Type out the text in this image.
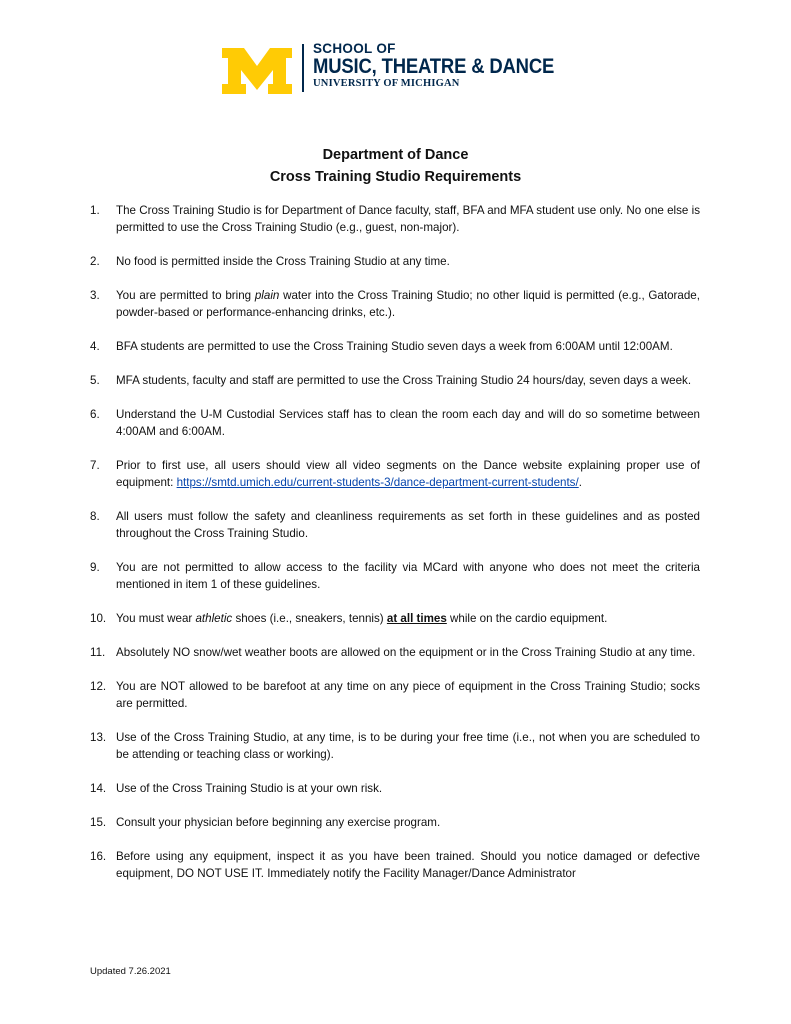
SCHOOL OF
MUSIC, THEATRE & DANCE
UNIVERSITY OF MICHIGAN
Department of Dance
Cross Training Studio Requirements
1. The Cross Training Studio is for Department of Dance faculty, staff, BFA and MFA student use only. No one else is permitted to use the Cross Training Studio (e.g., guest, non-major).
2. No food is permitted inside the Cross Training Studio at any time.
3. You are permitted to bring plain water into the Cross Training Studio; no other liquid is permitted (e.g., Gatorade, powder-based or performance-enhancing drinks, etc.).
4. BFA students are permitted to use the Cross Training Studio seven days a week from 6:00AM until 12:00AM.
5. MFA students, faculty and staff are permitted to use the Cross Training Studio 24 hours/day, seven days a week.
6. Understand the U-M Custodial Services staff has to clean the room each day and will do so sometime between 4:00AM and 6:00AM.
7. Prior to first use, all users should view all video segments on the Dance website explaining proper use of equipment: https://smtd.umich.edu/current-students-3/dance-department-current-students/.
8. All users must follow the safety and cleanliness requirements as set forth in these guidelines and as posted throughout the Cross Training Studio.
9. You are not permitted to allow access to the facility via MCard with anyone who does not meet the criteria mentioned in item 1 of these guidelines.
10. You must wear athletic shoes (i.e., sneakers, tennis) at all times while on the cardio equipment.
11. Absolutely NO snow/wet weather boots are allowed on the equipment or in the Cross Training Studio at any time.
12. You are NOT allowed to be barefoot at any time on any piece of equipment in the Cross Training Studio; socks are permitted.
13. Use of the Cross Training Studio, at any time, is to be during your free time (i.e., not when you are scheduled to be attending or teaching class or working).
14. Use of the Cross Training Studio is at your own risk.
15. Consult your physician before beginning any exercise program.
16. Before using any equipment, inspect it as you have been trained. Should you notice damaged or defective equipment, DO NOT USE IT. Immediately notify the Facility Manager/Dance Administrator
Updated 7.26.2021
